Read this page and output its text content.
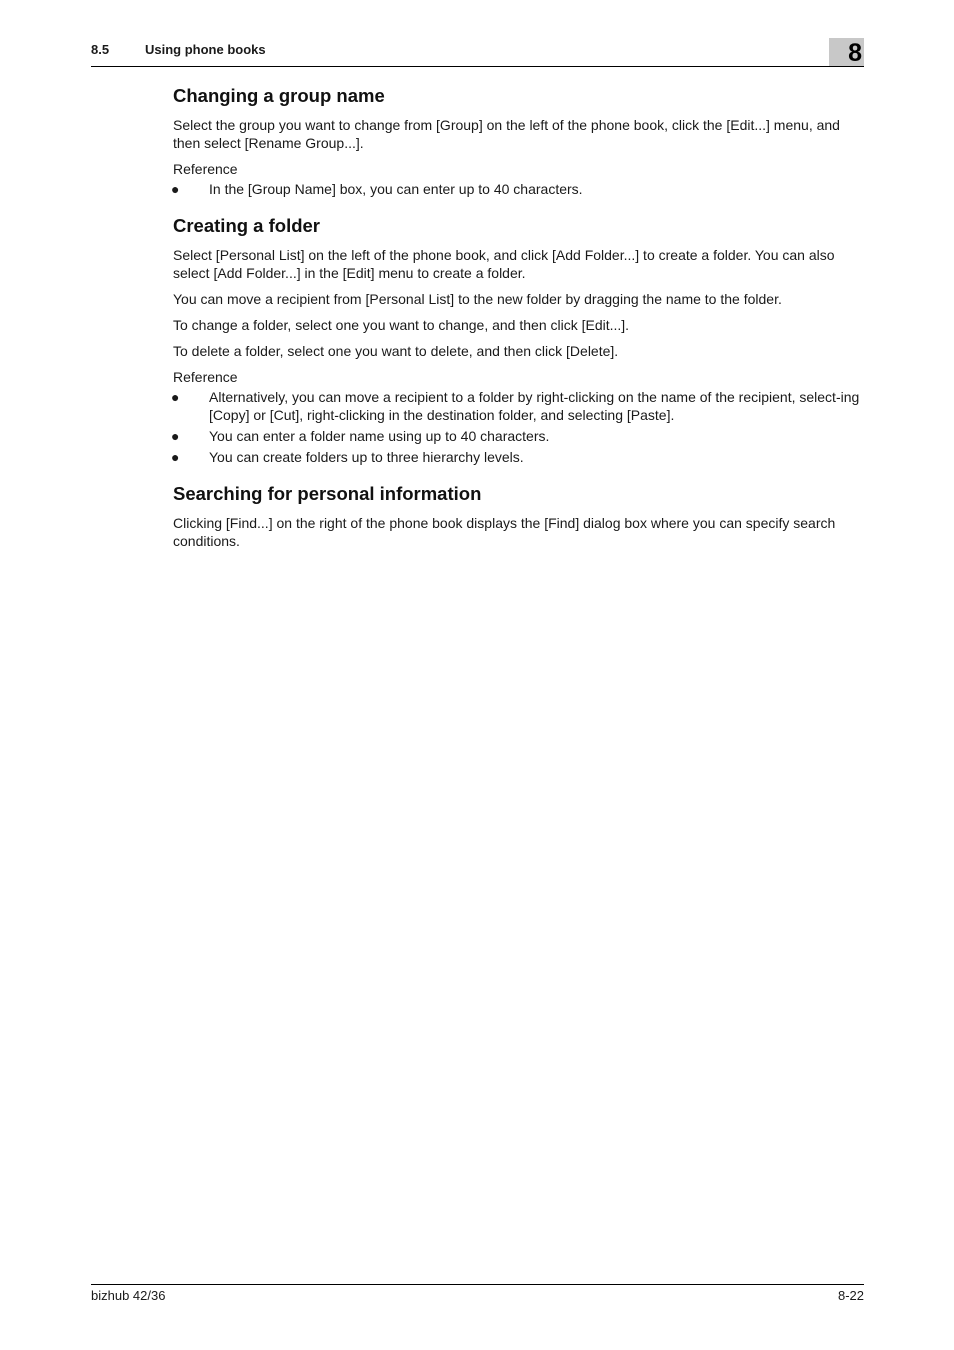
8.5	Using phone books	8
Changing a group name

Select the group you want to change from [Group] on the left of the phone book, click the [Edit...] menu, and then select [Rename Group...].

Reference
● In the [Group Name] box, you can enter up to 40 characters.
Creating a folder

Select [Personal List] on the left of the phone book, and click [Add Folder...] to create a folder. You can also select [Add Folder...] in the [Edit] menu to create a folder.

You can move a recipient from [Personal List] to the new folder by dragging the name to the folder.

To change a folder, select one you want to change, and then click [Edit...].

To delete a folder, select one you want to delete, and then click [Delete].

Reference
● Alternatively, you can move a recipient to a folder by right-clicking on the name of the recipient, select-ing [Copy] or [Cut], right-clicking in the destination folder, and selecting [Paste].
● You can enter a folder name using up to 40 characters.
● You can create folders up to three hierarchy levels.
Searching for personal information

Clicking [Find...] on the right of the phone book displays the [Find] dialog box where you can specify search conditions.

bizhub 42/36	8-22
